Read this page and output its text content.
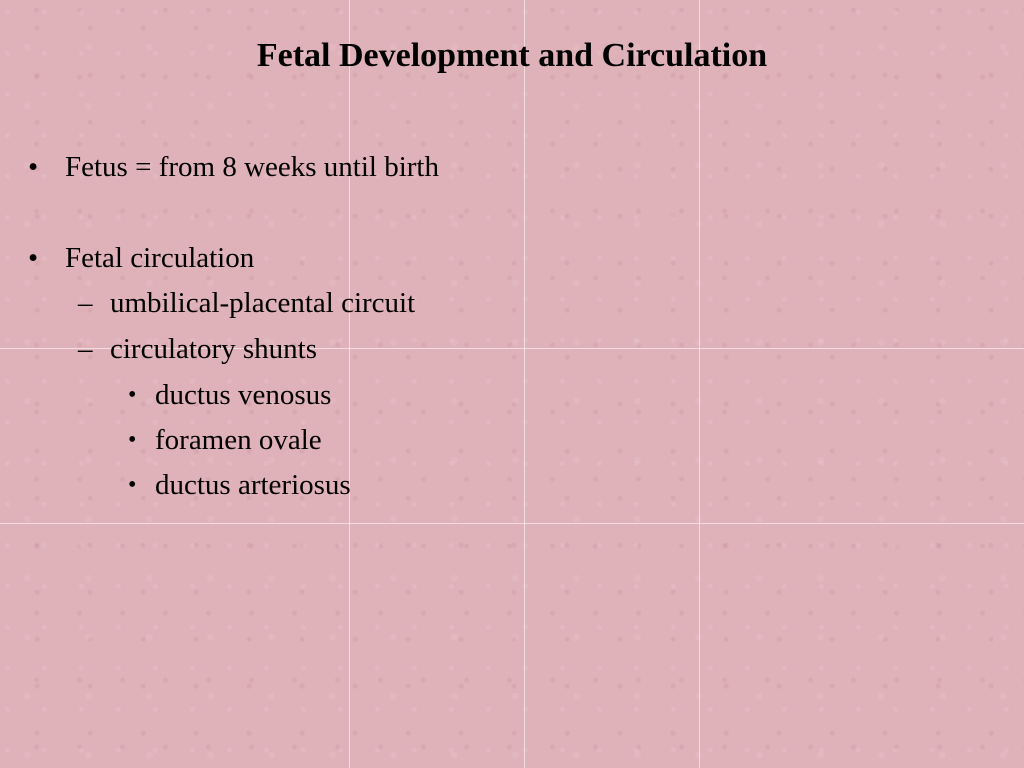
Fetal Development and Circulation
• Fetus = from 8 weeks until birth
• Fetal circulation
– umbilical-placental circuit
– circulatory shunts
• ductus venosus
• foramen ovale
• ductus arteriosus
